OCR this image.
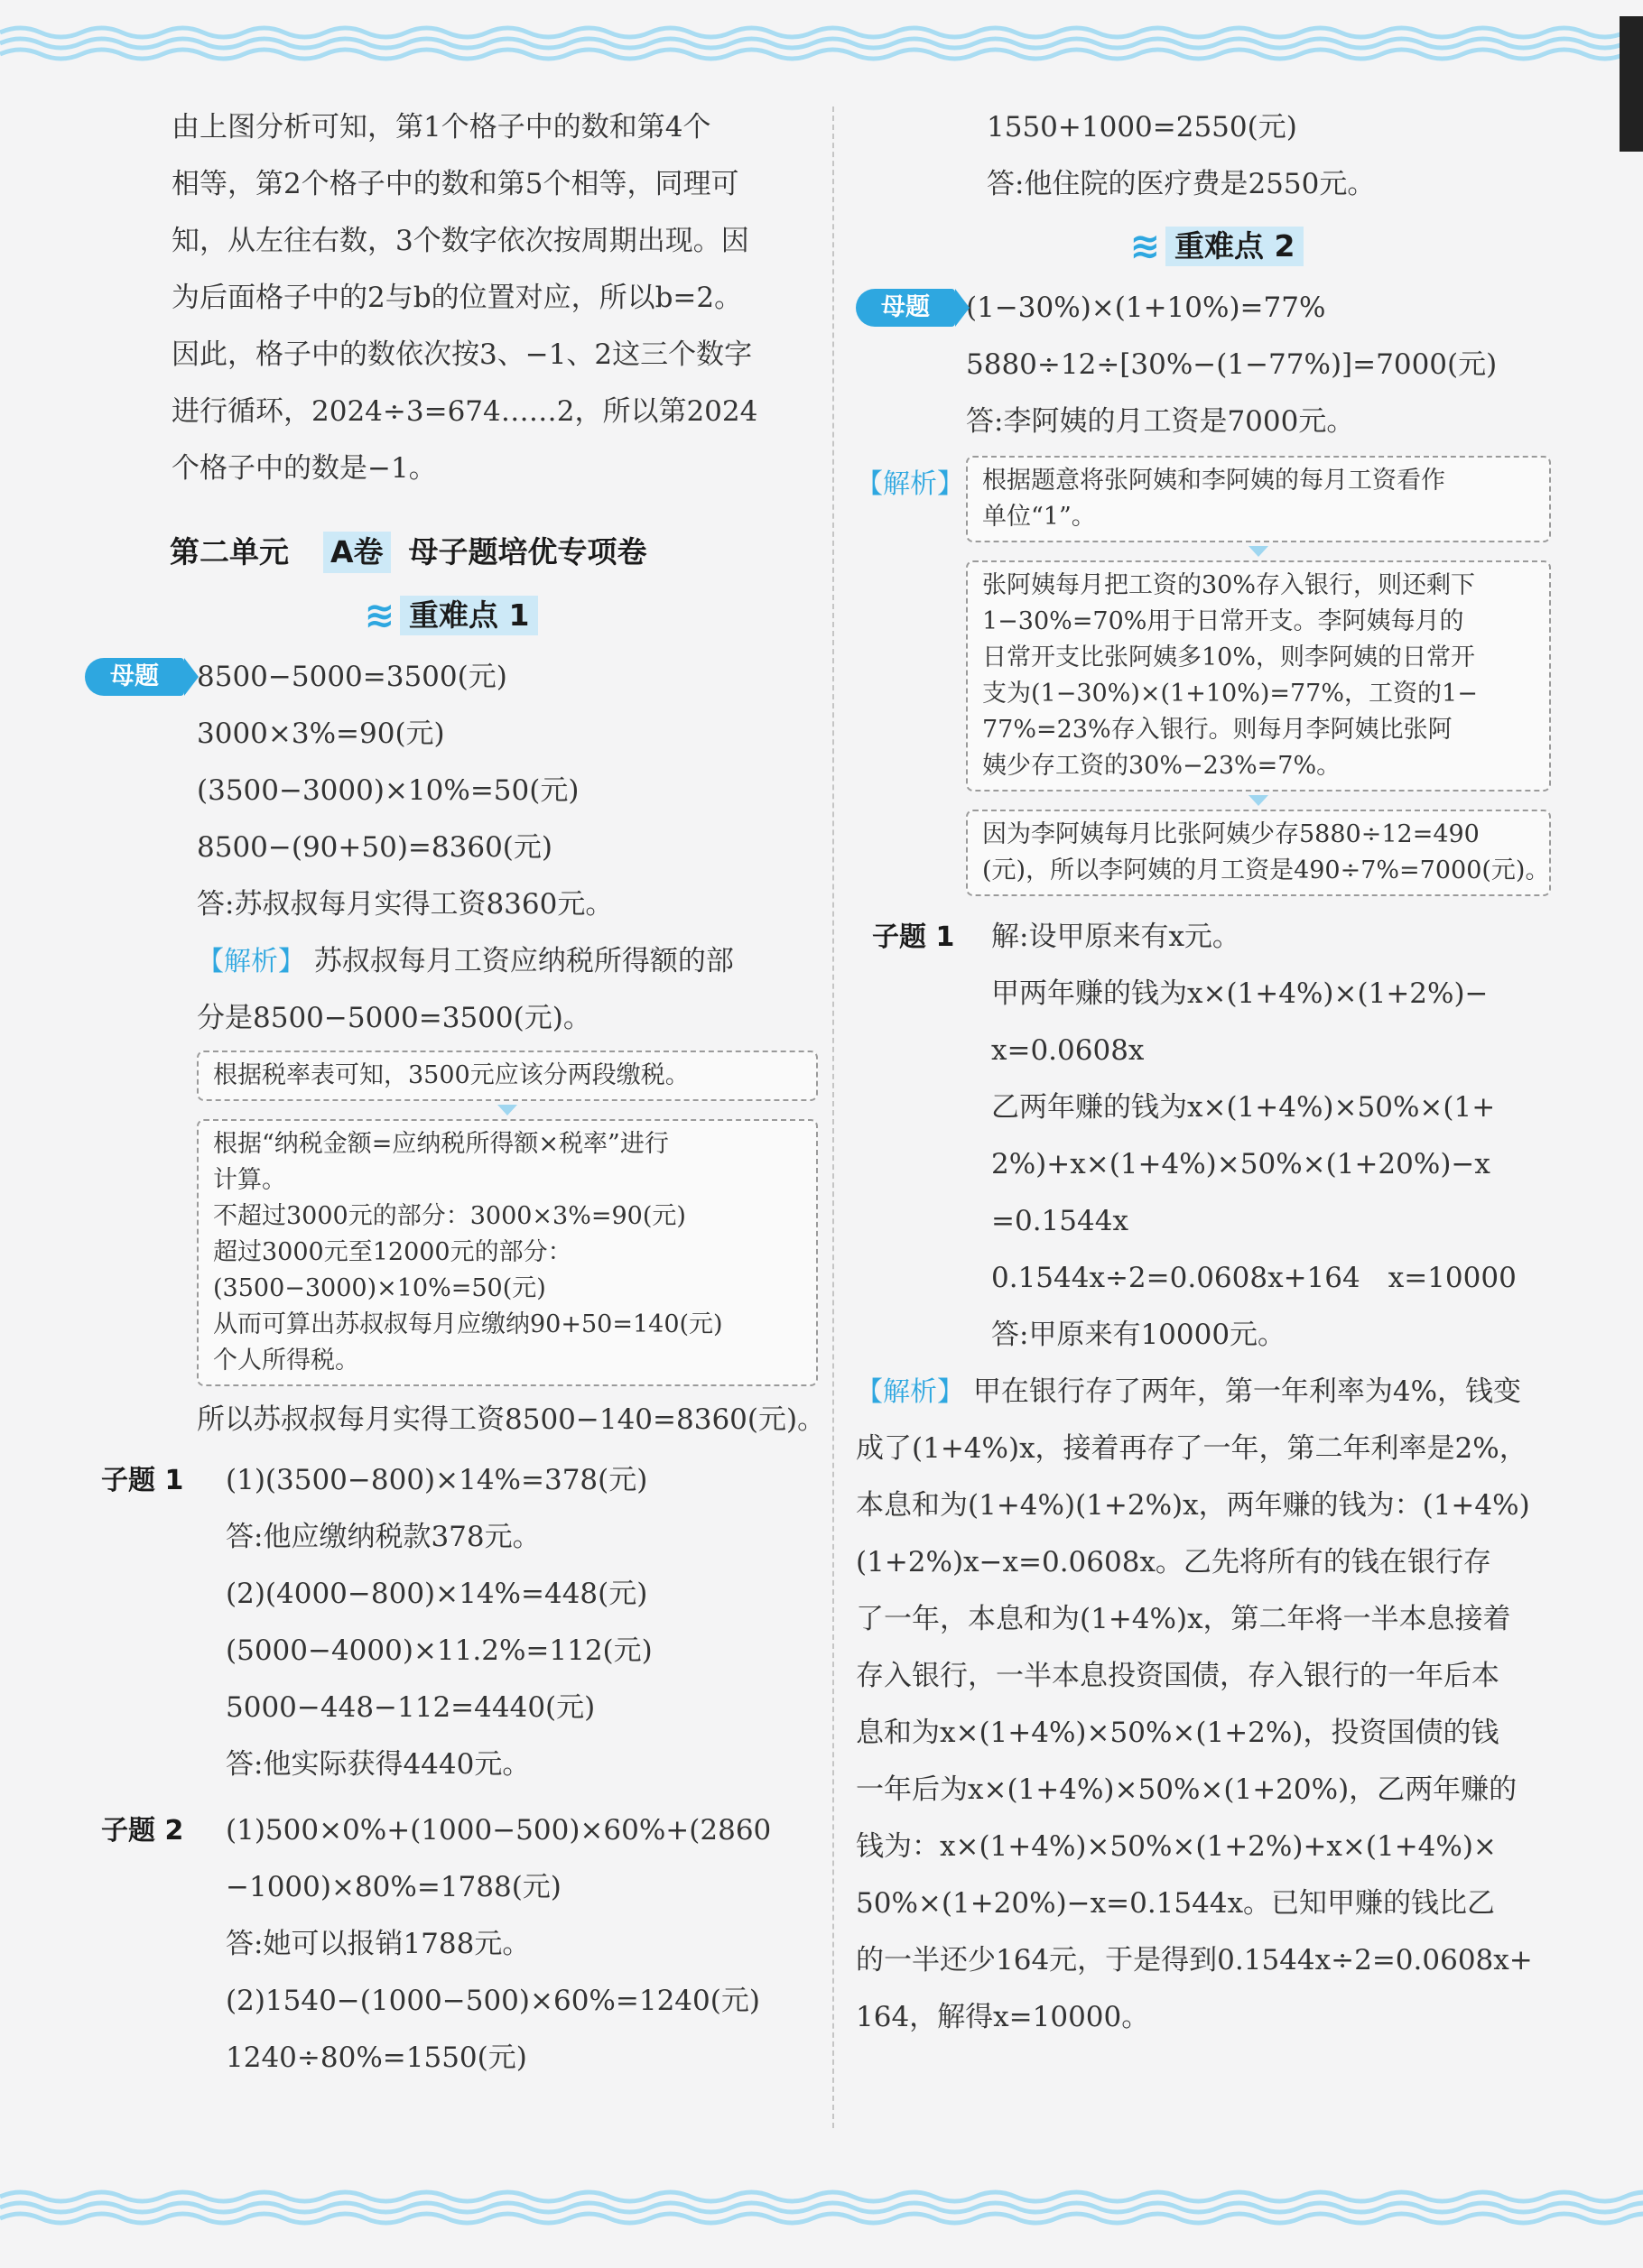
由上图分析可知，第1个格子中的数和第4个

相等，第2个格子中的数和第5个相等，同理可

知，从左往右数，3个数字依次按周期出现。因

为后面格子中的2与b的位置对应，所以b=2。

因此，格子中的数依次按3、−1、2这三个数字

进行循环，2024÷3=674……2，所以第2024

个格子中的数是−1。

第二单元 A卷 母子题培优专项卷
≋ 重难点 1
母题	8500−5000=3500(元)

3000×3%=90(元)

(3500−3000)×10%=50(元)

8500−(90+50)=8360(元)

答:苏叔叔每月实得工资8360元。

【解析】 苏叔叔每月工资应纳税所得额的部

分是8500−5000=3500(元)。

根据税率表可知，3500元应该分两段缴税。
根据“纳税金额=应纳税所得额×税率”进行
计算。
不超过3000元的部分：3000×3%=90(元)
超过3000元至12000元的部分：
(3500−3000)×10%=50(元)
从而可算出苏叔叔每月应缴纳90+50=140(元)
个人所得税。

所以苏叔叔每月实得工资8500−140=8360(元)。

子题 1	(1)(3500−800)×14%=378(元)

答:他应缴纳税款378元。

(2)(4000−800)×14%=448(元)

(5000−4000)×11.2%=112(元)

5000−448−112=4440(元)

答:他实际获得4440元。

子题 2	(1)500×0%+(1000−500)×60%+(2860

−1000)×80%=1788(元)

答:她可以报销1788元。

(2)1540−(1000−500)×60%=1240(元)

1240÷80%=1550(元)

1550+1000=2550(元)

答:他住院的医疗费是2550元。

≋ 重难点 2
母题	(1−30%)×(1+10%)=77%

5880÷12÷[30%−(1−77%)]=7000(元)

答:李阿姨的月工资是7000元。

【解析】 根据题意将张阿姨和李阿姨的每月工资看作
单位“1”。
张阿姨每月把工资的30%存入银行，则还剩下
1−30%=70%用于日常开支。李阿姨每月的
日常开支比张阿姨多10%，则李阿姨的日常开
支为(1−30%)×(1+10%)=77%，工资的1−
77%=23%存入银行。则每月李阿姨比张阿
姨少存工资的30%−23%=7%。
因为李阿姨每月比张阿姨少存5880÷12=490
(元)，所以李阿姨的月工资是490÷7%=7000(元)。
子题 1	解:设甲原来有x元。

甲两年赚的钱为x×(1+4%)×(1+2%)−

x=0.0608x

乙两年赚的钱为x×(1+4%)×50%×(1+

2%)+x×(1+4%)×50%×(1+20%)−x

=0.1544x

0.1544x÷2=0.0608x+164　x=10000

答:甲原来有10000元。

【解析】 甲在银行存了两年，第一年利率为4%，钱变

成了(1+4%)x，接着再存了一年，第二年利率是2%，

本息和为(1+4%)(1+2%)x，两年赚的钱为：(1+4%)

(1+2%)x−x=0.0608x。乙先将所有的钱在银行存

了一年，本息和为(1+4%)x，第二年将一半本息接着

存入银行，一半本息投资国债，存入银行的一年后本

息和为x×(1+4%)×50%×(1+2%)，投资国债的钱

一年后为x×(1+4%)×50%×(1+20%)，乙两年赚的

钱为：x×(1+4%)×50%×(1+2%)+x×(1+4%)×

50%×(1+20%)−x=0.1544x。已知甲赚的钱比乙

的一半还少164元，于是得到0.1544x÷2=0.0608x+

164，解得x=10000。
